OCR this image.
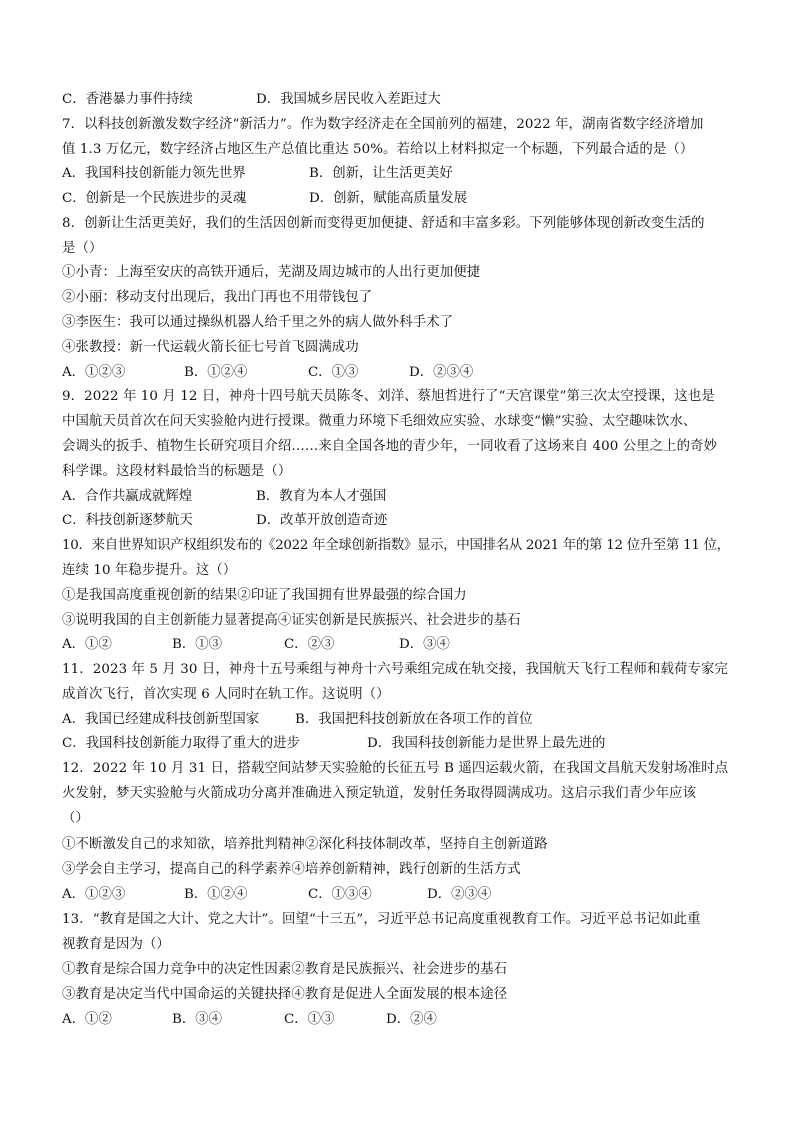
C．香港暴力事件持续	D．我国城乡居民收入差距过大
7．以科技创新激发数字经济“新活力”。作为数字经济走在全国前列的福建，2022 年，湖南省数字经济增加
值 1.3 万亿元，数字经济占地区生产总值比重达 50%。若给以上材料拟定一个标题，下列最合适的是（）
A．我国科技创新能力领先世界	B．创新，让生活更美好
C．创新是一个民族进步的灵魂	D．创新，赋能高质量发展
8．创新让生活更美好，我们的生活因创新而变得更加便捷、舒适和丰富多彩。下列能够体现创新改变生活的
是（）
①小青：上海至安庆的高铁开通后，芜湖及周边城市的人出行更加便捷
②小丽：移动支付出现后，我出门再也不用带钱包了
③李医生：我可以通过操纵机器人给千里之外的病人做外科手术了
④张教授：新一代运载火箭长征七号首飞圆满成功
A．①②③	B．①②④	C．①③	D．②③④
9．2022 年 10 月 12 日，神舟十四号航天员陈冬、刘洋、蔡旭哲进行了“天宫课堂”第三次太空授课，这也是
中国航天员首次在问天实验舱内进行授课。微重力环境下毛细效应实验、水球变“懒”实验、太空趣味饮水、
会调头的扳手、植物生长研究项目介绍……来自全国各地的青少年，一同收看了这场来自 400 公里之上的奇妙
科学课。这段材料最恰当的标题是（）
A．合作共赢成就辉煌	B．教育为本人才强国
C．科技创新逐梦航天	D．改革开放创造奇迹
10．来自世界知识产权组织发布的《2022 年全球创新指数》显示，中国排名从 2021 年的第 12 位升至第 11 位，
连续 10 年稳步提升。这（）
①是我国高度重视创新的结果②印证了我国拥有世界最强的综合国力
③说明我国的自主创新能力显著提高④证实创新是民族振兴、社会进步的基石
A．①②	B．①③	C．②③	D．③④
11．2023 年 5 月 30 日，神舟十五号乘组与神舟十六号乘组完成在轨交接，我国航天飞行工程师和载荷专家完
成首次飞行，首次实现 6 人同时在轨工作。这说明（）
A．我国已经建成科技创新型国家	B．我国把科技创新放在各项工作的首位
C．我国科技创新能力取得了重大的进步	D．我国科技创新能力是世界上最先进的
12．2022 年 10 月 31 日，搭载空间站梦天实验舱的长征五号 B 遥四运载火箭，在我国文昌航天发射场准时点
火发射，梦天实验舱与火箭成功分离并准确进入预定轨道，发射任务取得圆满成功。这启示我们青少年应该
（）
①不断激发自己的求知欲，培养批判精神②深化科技体制改革，坚持自主创新道路
③学会自主学习，提高自己的科学素养④培养创新精神，践行创新的生活方式
A．①②③	B．①②④	C．①③④	D．②③④
13．“教育是国之大计、党之大计”。回望“十三五”，习近平总书记高度重视教育工作。习近平总书记如此重
视教育是因为（）
①教育是综合国力竞争中的决定性因素②教育是民族振兴、社会进步的基石
③教育是决定当代中国命运的关键抉择④教育是促进人全面发展的根本途径
A．①②	B．③④	C．①③	D．②④
